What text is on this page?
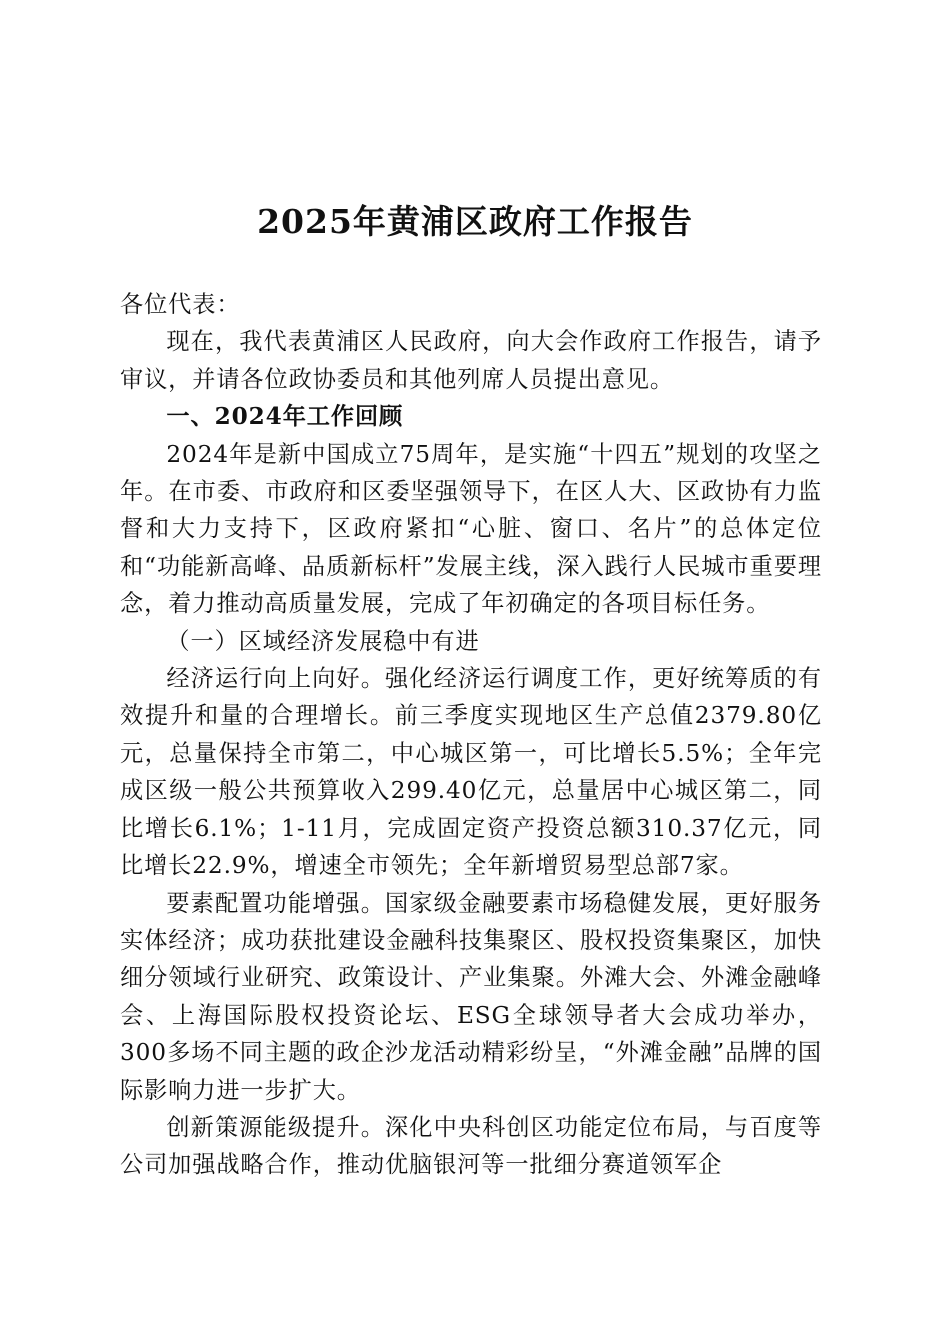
2025年黄浦区政府工作报告

各位代表：

现在，我代表黄浦区人民政府，向大会作政府工作报告，请予审议，并请各位政协委员和其他列席人员提出意见。

一、2024年工作回顾

2024年是新中国成立75周年，是实施“十四五”规划的攻坚之年。在市委、市政府和区委坚强领导下，在区人大、区政协有力监督和大力支持下，区政府紧扣“心脏、窗口、名片”的总体定位和“功能新高峰、品质新标杆”发展主线，深入践行人民城市重要理念，着力推动高质量发展，完成了年初确定的各项目标任务。

（一）区域经济发展稳中有进

经济运行向上向好。强化经济运行调度工作，更好统筹质的有效提升和量的合理增长。前三季度实现地区生产总值2379.80亿元，总量保持全市第二，中心城区第一，可比增长5.5%；全年完成区级一般公共预算收入299.40亿元，总量居中心城区第二，同比增长6.1%；1-11月，完成固定资产投资总额310.37亿元，同比增长22.9%，增速全市领先；全年新增贸易型总部7家。

要素配置功能增强。国家级金融要素市场稳健发展，更好服务实体经济；成功获批建设金融科技集聚区、股权投资集聚区，加快细分领域行业研究、政策设计、产业集聚。外滩大会、外滩金融峰会、上海国际股权投资论坛、ESG全球领导者大会成功举办，300多场不同主题的政企沙龙活动精彩纷呈，“外滩金融”品牌的国际影响力进一步扩大。

创新策源能级提升。深化中央科创区功能定位布局，与百度等公司加强战略合作，推动优脑银河等一批细分赛道领军企
